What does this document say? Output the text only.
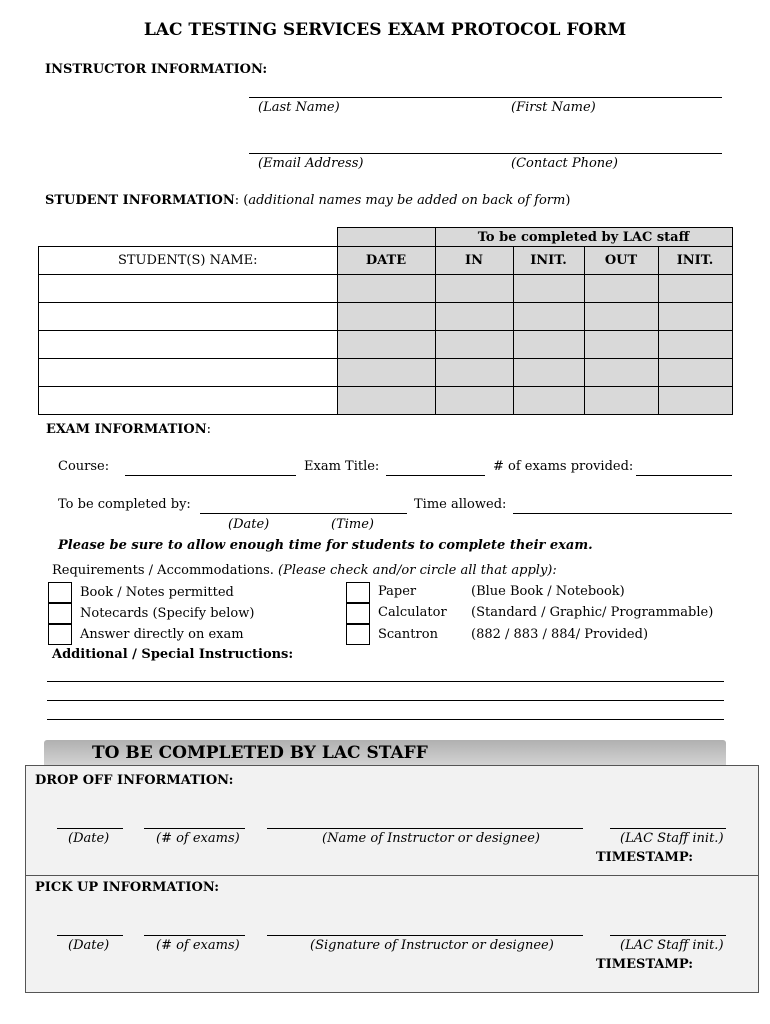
LAC TESTING SERVICES EXAM PROTOCOL FORM
INSTRUCTOR INFORMATION:
(Last Name)	(First Name)
(Email Address)	(Contact Phone)
STUDENT INFORMATION: (additional names may be added on back of form)
		To be completed by LAC staff			
STUDENT(S) NAME:	DATE	IN	INIT.	OUT	INIT.

EXAM INFORMATION:
Course:	Exam Title:	# of exams provided:
To be completed by:	Time allowed:
(Date)	(Time)
Please be sure to allow enough time for students to complete their exam.
Requirements / Accommodations. (Please check and/or circle all that apply):
Book / Notes permitted
Notecards (Specify below)
Answer directly on exam
Paper	(Blue Book / Notebook)
Calculator (Standard / Graphic/ Programmable)
Scantron	(882 / 883 / 884/ Provided)
Additional / Special Instructions:
TO BE COMPLETED BY LAC STAFF
DROP OFF INFORMATION:
(Date)	(# of exams)	(Name of Instructor or designee)	(LAC Staff init.)
TIMESTAMP:
PICK UP INFORMATION:
(Date)	(# of exams)	(Signature of Instructor or designee)	(LAC Staff init.)
TIMESTAMP:
